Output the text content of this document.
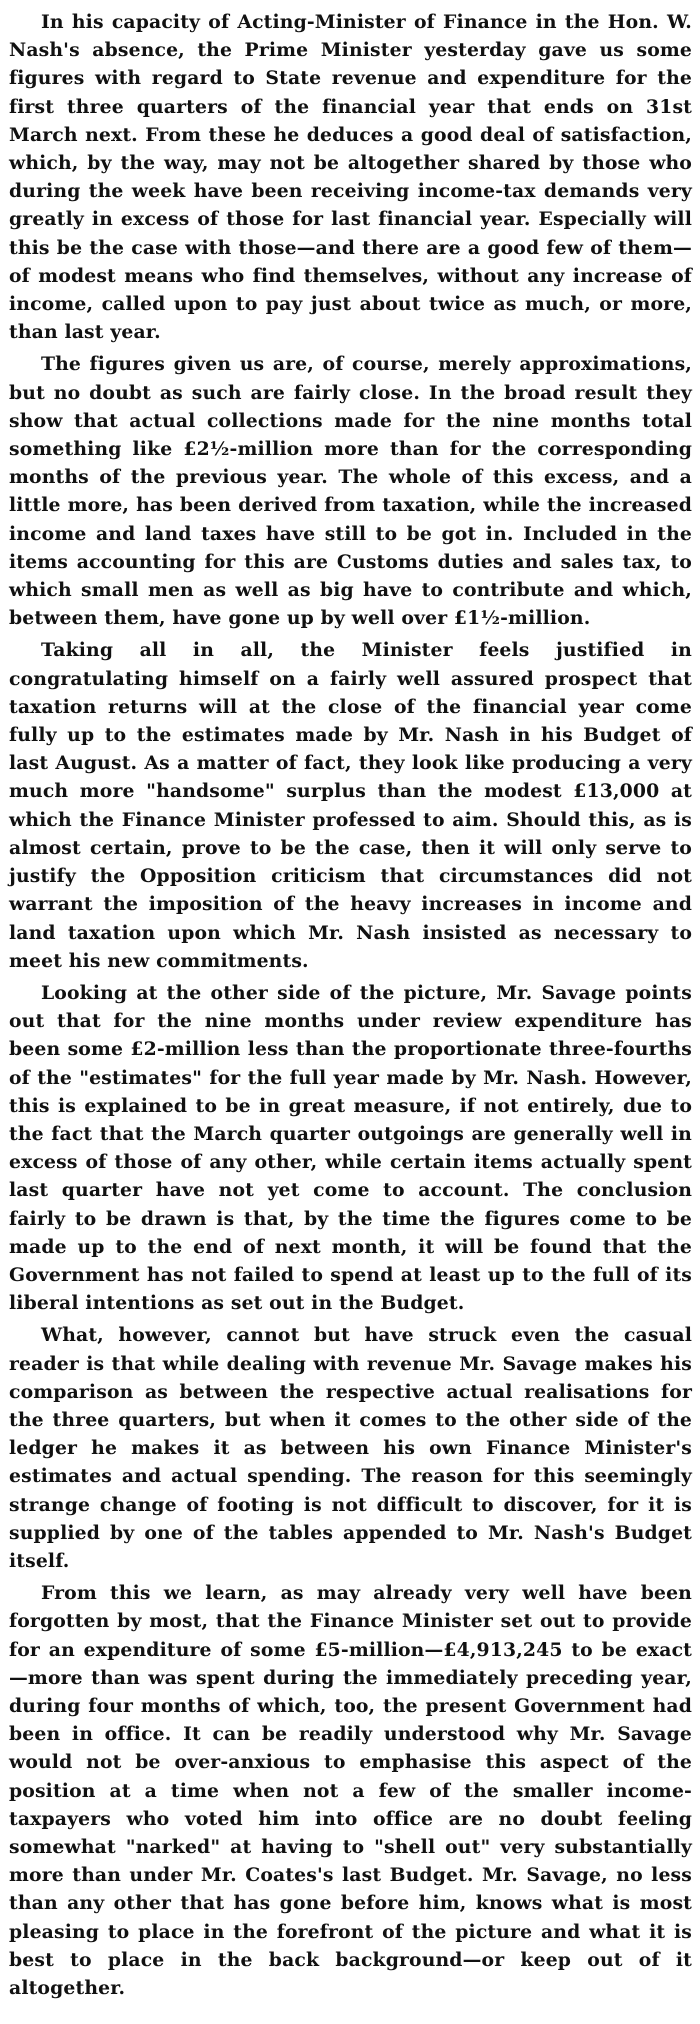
In his capacity of Acting-Minister of Finance in the Hon. W. Nash's absence, the Prime Minister yesterday gave us some figures with regard to State revenue and expenditure for the first three quarters of the financial year that ends on 31st March next. From these he deduces a good deal of satisfaction, which, by the way, may not be altogether shared by those who during the week have been receiving income-tax demands very greatly in excess of those for last financial year. Especially will this be the case with those—and there are a good few of them—of modest means who find themselves, without any increase of income, called upon to pay just about twice as much, or more, than last year.

The figures given us are, of course, merely approximations, but no doubt as such are fairly close. In the broad result they show that actual collections made for the nine months total something like £2½-million more than for the corresponding months of the previous year. The whole of this excess, and a little more, has been derived from taxation, while the increased income and land taxes have still to be got in. Included in the items accounting for this are Customs duties and sales tax, to which small men as well as big have to contribute and which, between them, have gone up by well over £1½-million.

Taking all in all, the Minister feels justified in congratulating himself on a fairly well assured prospect that taxation returns will at the close of the financial year come fully up to the estimates made by Mr. Nash in his Budget of last August. As a matter of fact, they look like producing a very much more "handsome" surplus than the modest £13,000 at which the Finance Minister professed to aim. Should this, as is almost certain, prove to be the case, then it will only serve to justify the Opposition criticism that circumstances did not warrant the imposition of the heavy increases in income and land taxation upon which Mr. Nash insisted as necessary to meet his new commitments.

Looking at the other side of the picture, Mr. Savage points out that for the nine months under review expenditure has been some £2-million less than the proportionate three-fourths of the "estimates" for the full year made by Mr. Nash. However, this is explained to be in great measure, if not entirely, due to the fact that the March quarter outgoings are generally well in excess of those of any other, while certain items actually spent last quarter have not yet come to account. The conclusion fairly to be drawn is that, by the time the figures come to be made up to the end of next month, it will be found that the Government has not failed to spend at least up to the full of its liberal intentions as set out in the Budget.

What, however, cannot but have struck even the casual reader is that while dealing with revenue Mr. Savage makes his comparison as between the respective actual realisations for the three quarters, but when it comes to the other side of the ledger he makes it as between his own Finance Minister's estimates and actual spending. The reason for this seemingly strange change of footing is not difficult to discover, for it is supplied by one of the tables appended to Mr. Nash's Budget itself.

From this we learn, as may already very well have been forgotten by most, that the Finance Minister set out to provide for an expenditure of some £5-million—£4,913,245 to be exact—more than was spent during the immediately preceding year, during four months of which, too, the present Government had been in office. It can be readily understood why Mr. Savage would not be over-anxious to emphasise this aspect of the position at a time when not a few of the smaller income-taxpayers who voted him into office are no doubt feeling somewhat "narked" at having to "shell out" very substantially more than under Mr. Coates's last Budget. Mr. Savage, no less than any other that has gone before him, knows what is most pleasing to place in the forefront of the picture and what it is best to place in the back background—or keep out of it altogether.
